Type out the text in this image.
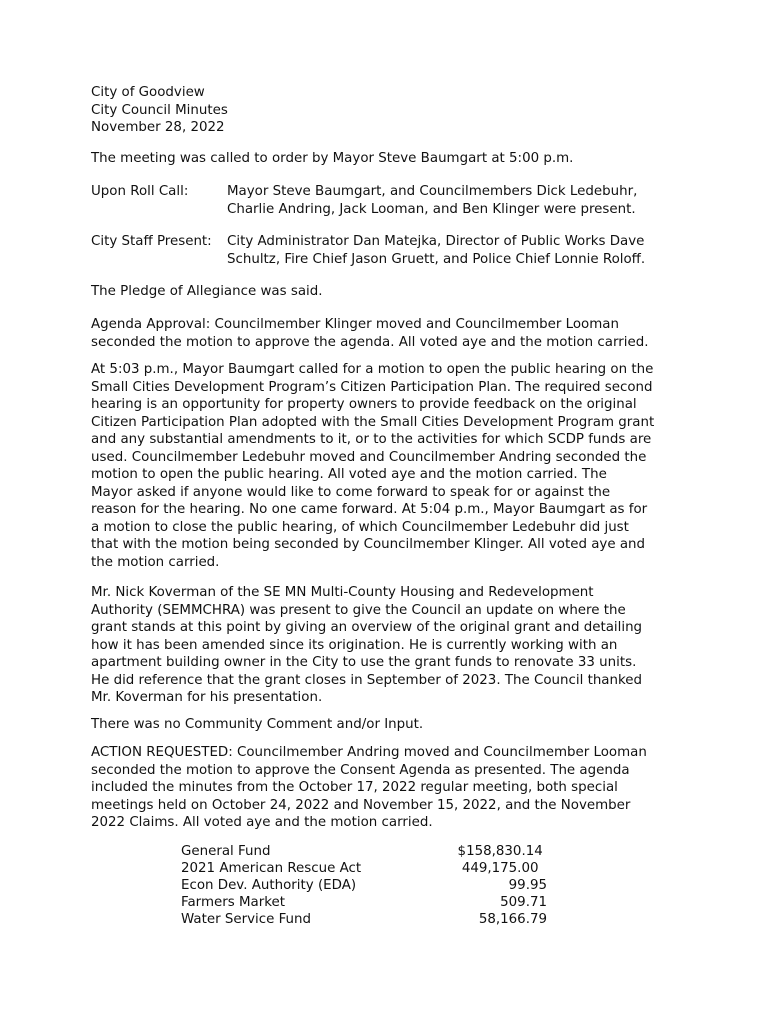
City of Goodview
City Council Minutes
November 28, 2022
The meeting was called to order by Mayor Steve Baumgart at 5:00 p.m.
Upon Roll Call:	Mayor Steve Baumgart, and Councilmembers Dick Ledebuhr,
Charlie Andring, Jack Looman, and Ben Klinger were present.
City Staff Present: City Administrator Dan Matejka, Director of Public Works Dave
Schultz, Fire Chief Jason Gruett, and Police Chief Lonnie Roloff.
The Pledge of Allegiance was said.
Agenda Approval: Councilmember Klinger moved and Councilmember Looman
seconded the motion to approve the agenda. All voted aye and the motion carried.
At 5:03 p.m., Mayor Baumgart called for a motion to open the public hearing on the
Small Cities Development Program’s Citizen Participation Plan. The required second
hearing is an opportunity for property owners to provide feedback on the original
Citizen Participation Plan adopted with the Small Cities Development Program grant
and any substantial amendments to it, or to the activities for which SCDP funds are
used. Councilmember Ledebuhr moved and Councilmember Andring seconded the
motion to open the public hearing. All voted aye and the motion carried. The
Mayor asked if anyone would like to come forward to speak for or against the
reason for the hearing. No one came forward. At 5:04 p.m., Mayor Baumgart as for
a motion to close the public hearing, of which Councilmember Ledebuhr did just
that with the motion being seconded by Councilmember Klinger. All voted aye and
the motion carried.
Mr. Nick Koverman of the SE MN Multi-County Housing and Redevelopment
Authority (SEMMCHRA) was present to give the Council an update on where the
grant stands at this point by giving an overview of the original grant and detailing
how it has been amended since its origination. He is currently working with an
apartment building owner in the City to use the grant funds to renovate 33 units.
He did reference that the grant closes in September of 2023. The Council thanked
Mr. Koverman for his presentation.
There was no Community Comment and/or Input.
ACTION REQUESTED: Councilmember Andring moved and Councilmember Looman
seconded the motion to approve the Consent Agenda as presented. The agenda
included the minutes from the October 17, 2022 regular meeting, both special
meetings held on October 24, 2022 and November 15, 2022, and the November
2022 Claims. All voted aye and the motion carried.
General Fund	$158,830.14
2021 American Rescue Act	449,175.00
Econ Dev. Authority (EDA)	99.95
Farmers Market	509.71
Water Service Fund	58,166.79
